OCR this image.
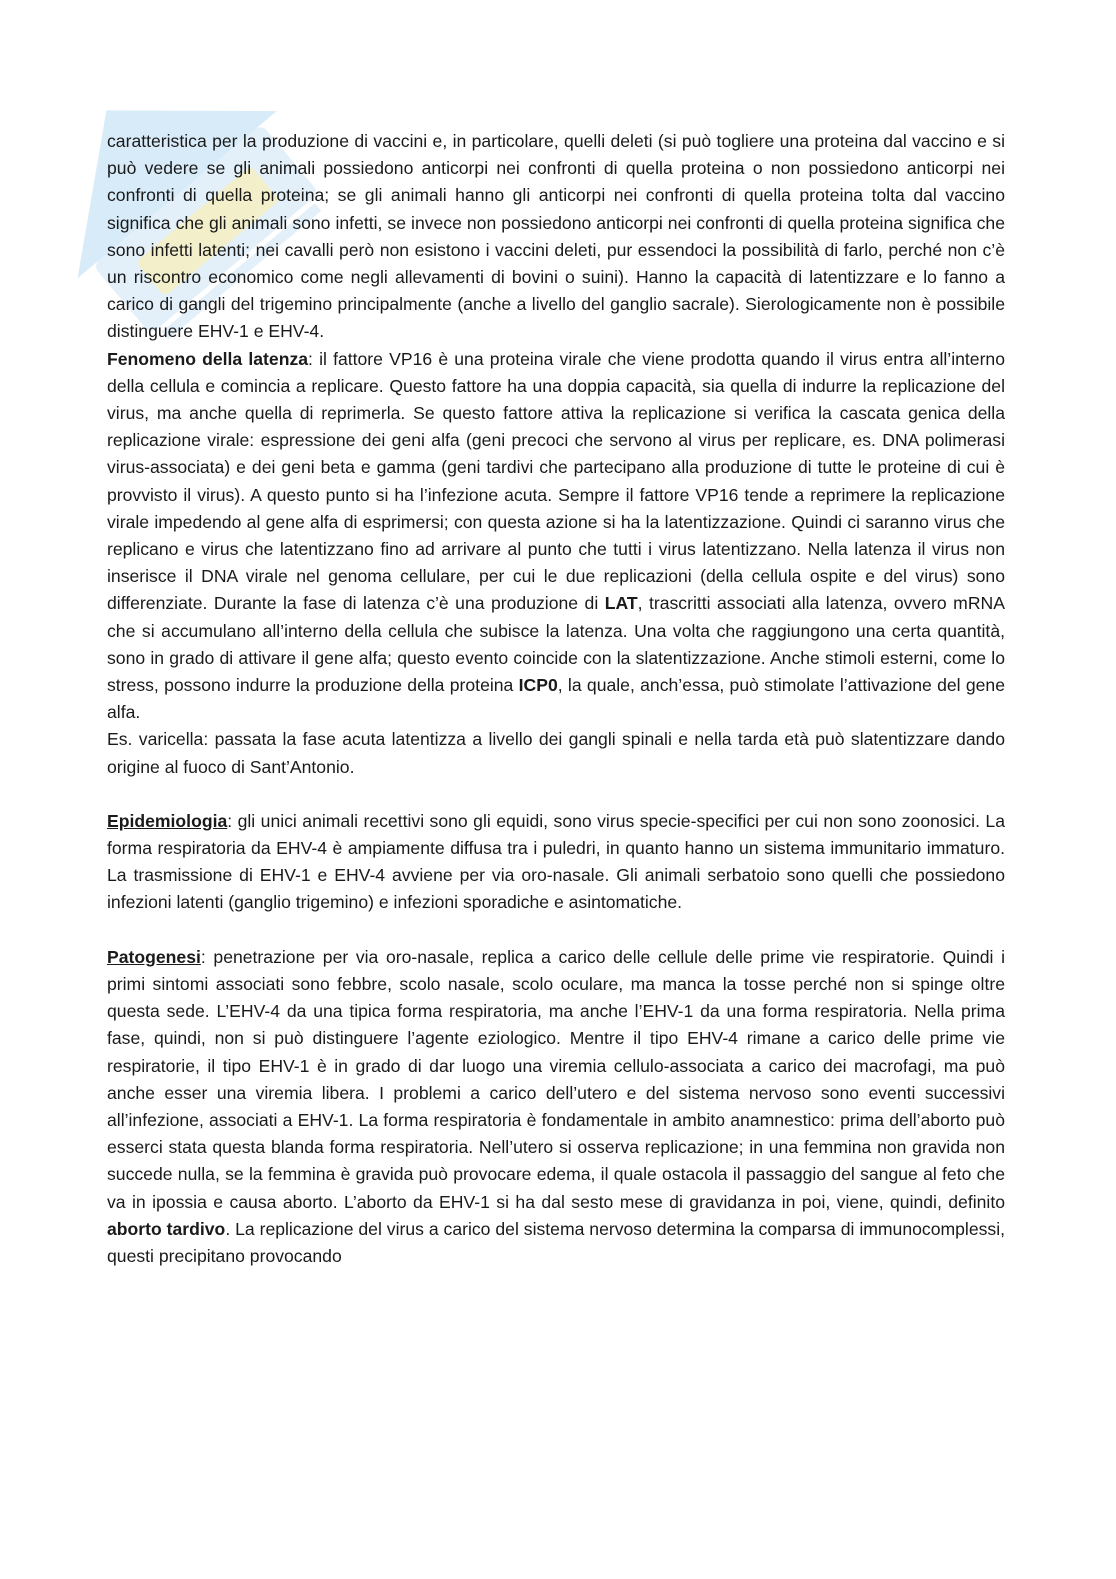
caratteristica per la produzione di vaccini e, in particolare, quelli deleti (si può togliere una proteina dal vaccino e si può vedere se gli animali possiedono anticorpi nei confronti di quella proteina o non possiedono anticorpi nei confronti di quella proteina; se gli animali hanno gli anticorpi nei confronti di quella proteina tolta dal vaccino significa che gli animali sono infetti, se invece non possiedono anticorpi nei confronti di quella proteina significa che sono infetti latenti; nei cavalli però non esistono i vaccini deleti, pur essendoci la possibilità di farlo, perché non c’è un riscontro economico come negli allevamenti di bovini o suini). Hanno la capacità di latentizzare e lo fanno a carico di gangli del trigemino principalmente (anche a livello del ganglio sacrale). Sierologicamente non è possibile distinguere EHV-1 e EHV-4.

Fenomeno della latenza: il fattore VP16 è una proteina virale che viene prodotta quando il virus entra all’interno della cellula e comincia a replicare. Questo fattore ha una doppia capacità, sia quella di indurre la replicazione del virus, ma anche quella di reprimerla. Se questo fattore attiva la replicazione si verifica la cascata genica della replicazione virale: espressione dei geni alfa (geni precoci che servono al virus per replicare, es. DNA polimerasi virus-associata) e dei geni beta e gamma (geni tardivi che partecipano alla produzione di tutte le proteine di cui è provvisto il virus). A questo punto si ha l’infezione acuta. Sempre il fattore VP16 tende a reprimere la replicazione virale impedendo al gene alfa di esprimersi; con questa azione si ha la latentizzazione. Quindi ci saranno virus che replicano e virus che latentizzano fino ad arrivare al punto che tutti i virus latentizzano. Nella latenza il virus non inserisce il DNA virale nel genoma cellulare, per cui le due replicazioni (della cellula ospite e del virus) sono differenziate. Durante la fase di latenza c’è una produzione di LAT, trascritti associati alla latenza, ovvero mRNA che si accumulano all’interno della cellula che subisce la latenza. Una volta che raggiungono una certa quantità, sono in grado di attivare il gene alfa; questo evento coincide con la slatentizzazione. Anche stimoli esterni, come lo stress, possono indurre la produzione della proteina ICP0, la quale, anch’essa, può stimolate l’attivazione del gene alfa.

Es. varicella: passata la fase acuta latentizza a livello dei gangli spinali e nella tarda età può slatentizzare dando origine al fuoco di Sant’Antonio.

Epidemiologia: gli unici animali recettivi sono gli equidi, sono virus specie-specifici per cui non sono zoonosici. La forma respiratoria da EHV-4 è ampiamente diffusa tra i puledri, in quanto hanno un sistema immunitario immaturo. La trasmissione di EHV-1 e EHV-4 avviene per via oro-nasale. Gli animali serbatoio sono quelli che possiedono infezioni latenti (ganglio trigemino) e infezioni sporadiche e asintomatiche.

Patogenesi: penetrazione per via oro-nasale, replica a carico delle cellule delle prime vie respiratorie. Quindi i primi sintomi associati sono febbre, scolo nasale, scolo oculare, ma manca la tosse perché non si spinge oltre questa sede. L’EHV-4 da una tipica forma respiratoria, ma anche l’EHV-1 da una forma respiratoria. Nella prima fase, quindi, non si può distinguere l’agente eziologico. Mentre il tipo EHV-4 rimane a carico delle prime vie respiratorie, il tipo EHV-1 è in grado di dar luogo una viremia cellulo-associata a carico dei macrofagi, ma può anche esser una viremia libera. I problemi a carico dell’utero e del sistema nervoso sono eventi successivi all’infezione, associati a EHV-1. La forma respiratoria è fondamentale in ambito anamnestico: prima dell’aborto può esserci stata questa blanda forma respiratoria. Nell’utero si osserva replicazione; in una femmina non gravida non succede nulla, se la femmina è gravida può provocare edema, il quale ostacola il passaggio del sangue al feto che va in ipossia e causa aborto. L’aborto da EHV-1 si ha dal sesto mese di gravidanza in poi, viene, quindi, definito aborto tardivo. La replicazione del virus a carico del sistema nervoso determina la comparsa di immunocomplessi, questi precipitano provocando
